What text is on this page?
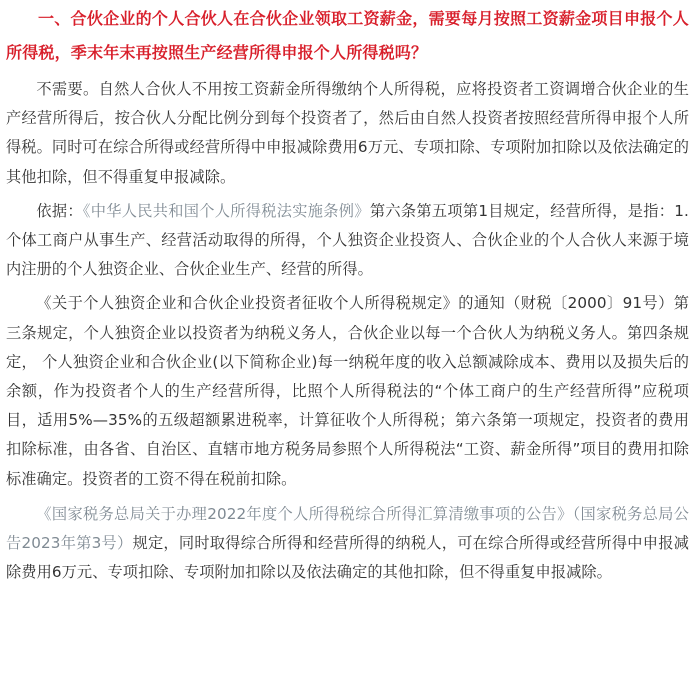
一、合伙企业的个人合伙人在合伙企业领取工资薪金，需要每月按照工资薪金项目申报个人所得税，季末年末再按照生产经营所得申报个人所得税吗？

不需要。自然人合伙人不用按工资薪金所得缴纳个人所得税，应将投资者工资调增合伙企业的生产经营所得后，按合伙人分配比例分到每个投资者了，然后由自然人投资者按照经营所得申报个人所得税。同时可在综合所得或经营所得中申报减除费用6万元、专项扣除、专项附加扣除以及依法确定的其他扣除，但不得重复申报减除。

依据：《中华人民共和国个人所得税法实施条例》第六条第五项第1目规定，经营所得，是指：1.个体工商户从事生产、经营活动取得的所得，个人独资企业投资人、合伙企业的个人合伙人来源于境内注册的个人独资企业、合伙企业生产、经营的所得。

《关于个人独资企业和合伙企业投资者征收个人所得税规定》的通知（财税〔2000〕91号）第三条规定，个人独资企业以投资者为纳税义务人，合伙企业以每一个合伙人为纳税义务人。第四条规定， 个人独资企业和合伙企业(以下简称企业)每一纳税年度的收入总额减除成本、费用以及损失后的余额，作为投资者个人的生产经营所得，比照个人所得税法的“个体工商户的生产经营所得”应税项目，适用5%—35%的五级超额累进税率，计算征收个人所得税；第六条第一项规定，投资者的费用扣除标准，由各省、自治区、直辖市地方税务局参照个人所得税法“工资、薪金所得”项目的费用扣除标准确定。投资者的工资不得在税前扣除。

《国家税务总局关于办理2022年度个人所得税综合所得汇算清缴事项的公告》（国家税务总局公告2023年第3号）规定，同时取得综合所得和经营所得的纳税人，可在综合所得或经营所得中申报减除费用6万元、专项扣除、专项附加扣除以及依法确定的其他扣除，但不得重复申报减除。
